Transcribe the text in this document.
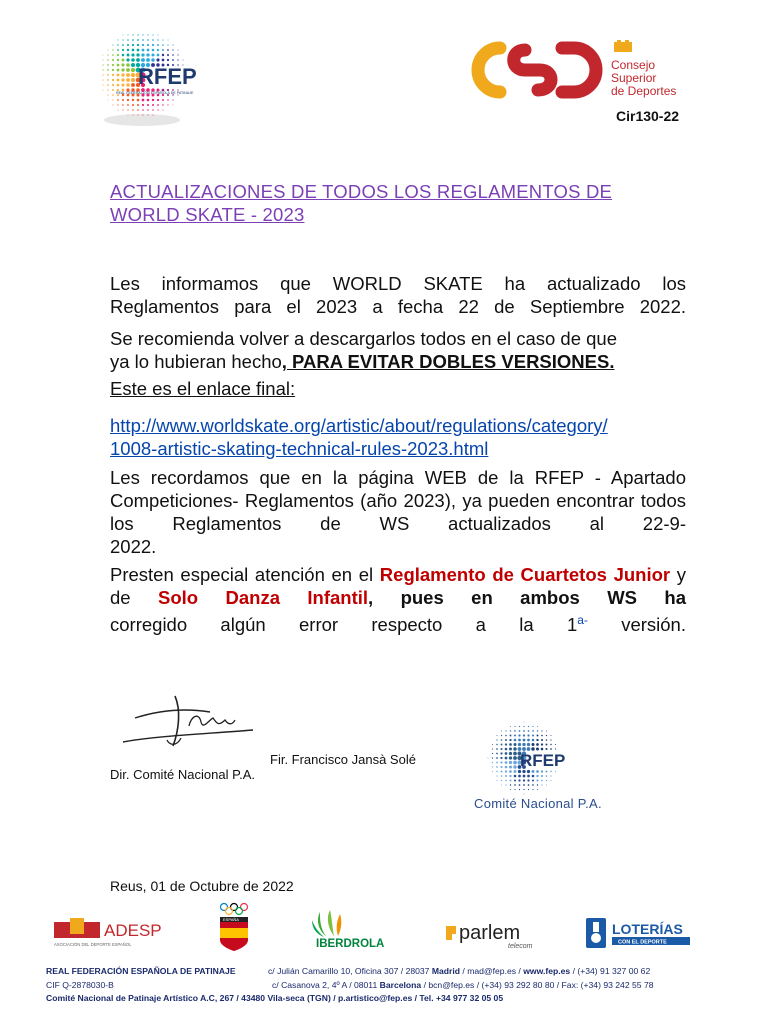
RFEP
REAL FEDERACIÓN ESPAÑOLA DE PATINAJE
Consejo
Superior
de Deportes
Cir130-22
ACTUALIZACIONES DE TODOS LOS REGLAMENTOS DE
WORLD SKATE - 2023
Les informamos que WORLD SKATE ha actualizado los
Reglamentos para el 2023 a fecha 22 de Septiembre 2022.
Se recomienda volver a descargarlos todos en el caso de que
ya lo hubieran hecho, PARA EVITAR DOBLES VERSIONES.
Este es el enlace final:
http://www.worldskate.org/artistic/about/regulations/category/
1008-artistic-skating-technical-rules-2023.html
Les recordamos que en la página WEB de la RFEP - Apartado Competiciones- Reglamentos (año 2023), ya pueden encontrar todos los Reglamentos de WS actualizados al 22-9-
2022.
Presten especial atención en el Reglamento de Cuartetos Junior y de Solo Danza Infantil, pues en ambos WS ha
corregido algún error respecto a la $1^{a-}$ versión.
Fir. Francisco Jansà Solé
Dir. Comité Nacional P.A.
RFEP
Comité Nacional P.A.
Reus, 01 de Octubre de 2022
ADESP
ASOCIACIÓN DEL DEPORTE ESPAÑOL
ESPAÑA
IBERDROLA	parlem
telecom
LOTERÍAS
CON EL DEPORTE
REAL FEDERACIÓN ESPAÑOLA DE PATINAJE	c/ Julián Camarillo 10, Oficina 307 / 28037 Madrid / mad@fep.es / www.fep.es / (+34) 91 327 00 62
CIF Q-2878030-B	c/ Casanova 2, 4º A / 08011 Barcelona / bcn@fep.es / (+34) 93 292 80 80 / Fax: (+34) 93 242 55 78
Comité Nacional de Patinaje Artístico A.C, 267 / 43480 Vila-seca (TGN) / p.artistico@fep.es / Tel. +34 977 32 05 05
